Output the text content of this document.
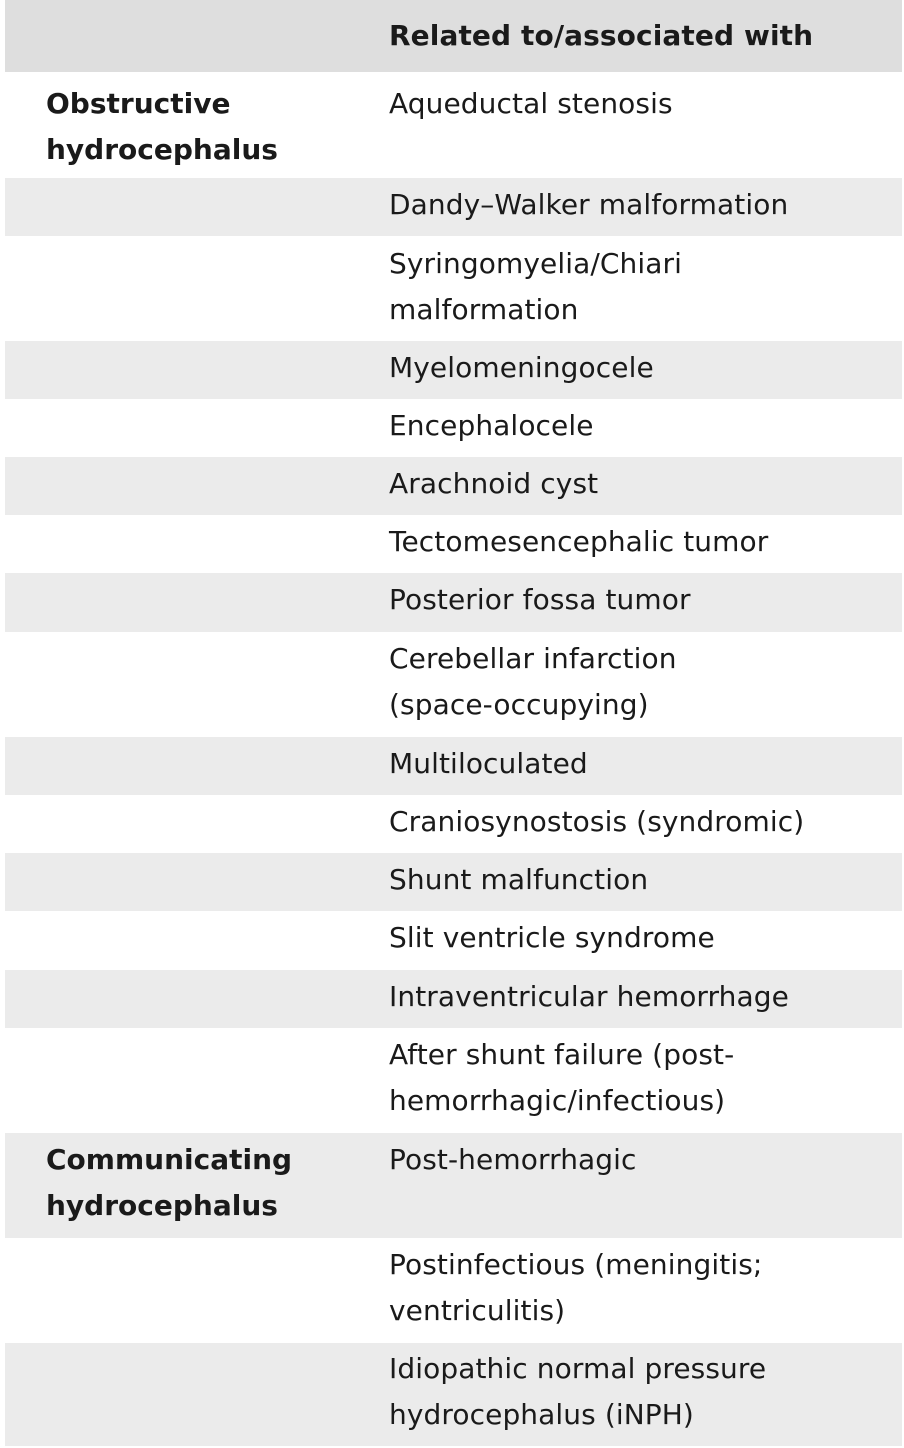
Related to/associated with
Obstructive
hydrocephalus
Aqueductal stenosis
Dandy–Walker malformation
Syringomyelia/Chiari
malformation
Myelomeningocele
Encephalocele
Arachnoid cyst
Tectomesencephalic tumor
Posterior fossa tumor
Cerebellar infarction
(space-occupying)
Multiloculated
Craniosynostosis (syndromic)
Shunt malfunction
Slit ventricle syndrome
Intraventricular hemorrhage
After shunt failure (post-
hemorrhagic/infectious)
Communicating
hydrocephalus
Post-hemorrhagic
Postinfectious (meningitis;
ventriculitis)
Idiopathic normal pressure
hydrocephalus (iNPH)
